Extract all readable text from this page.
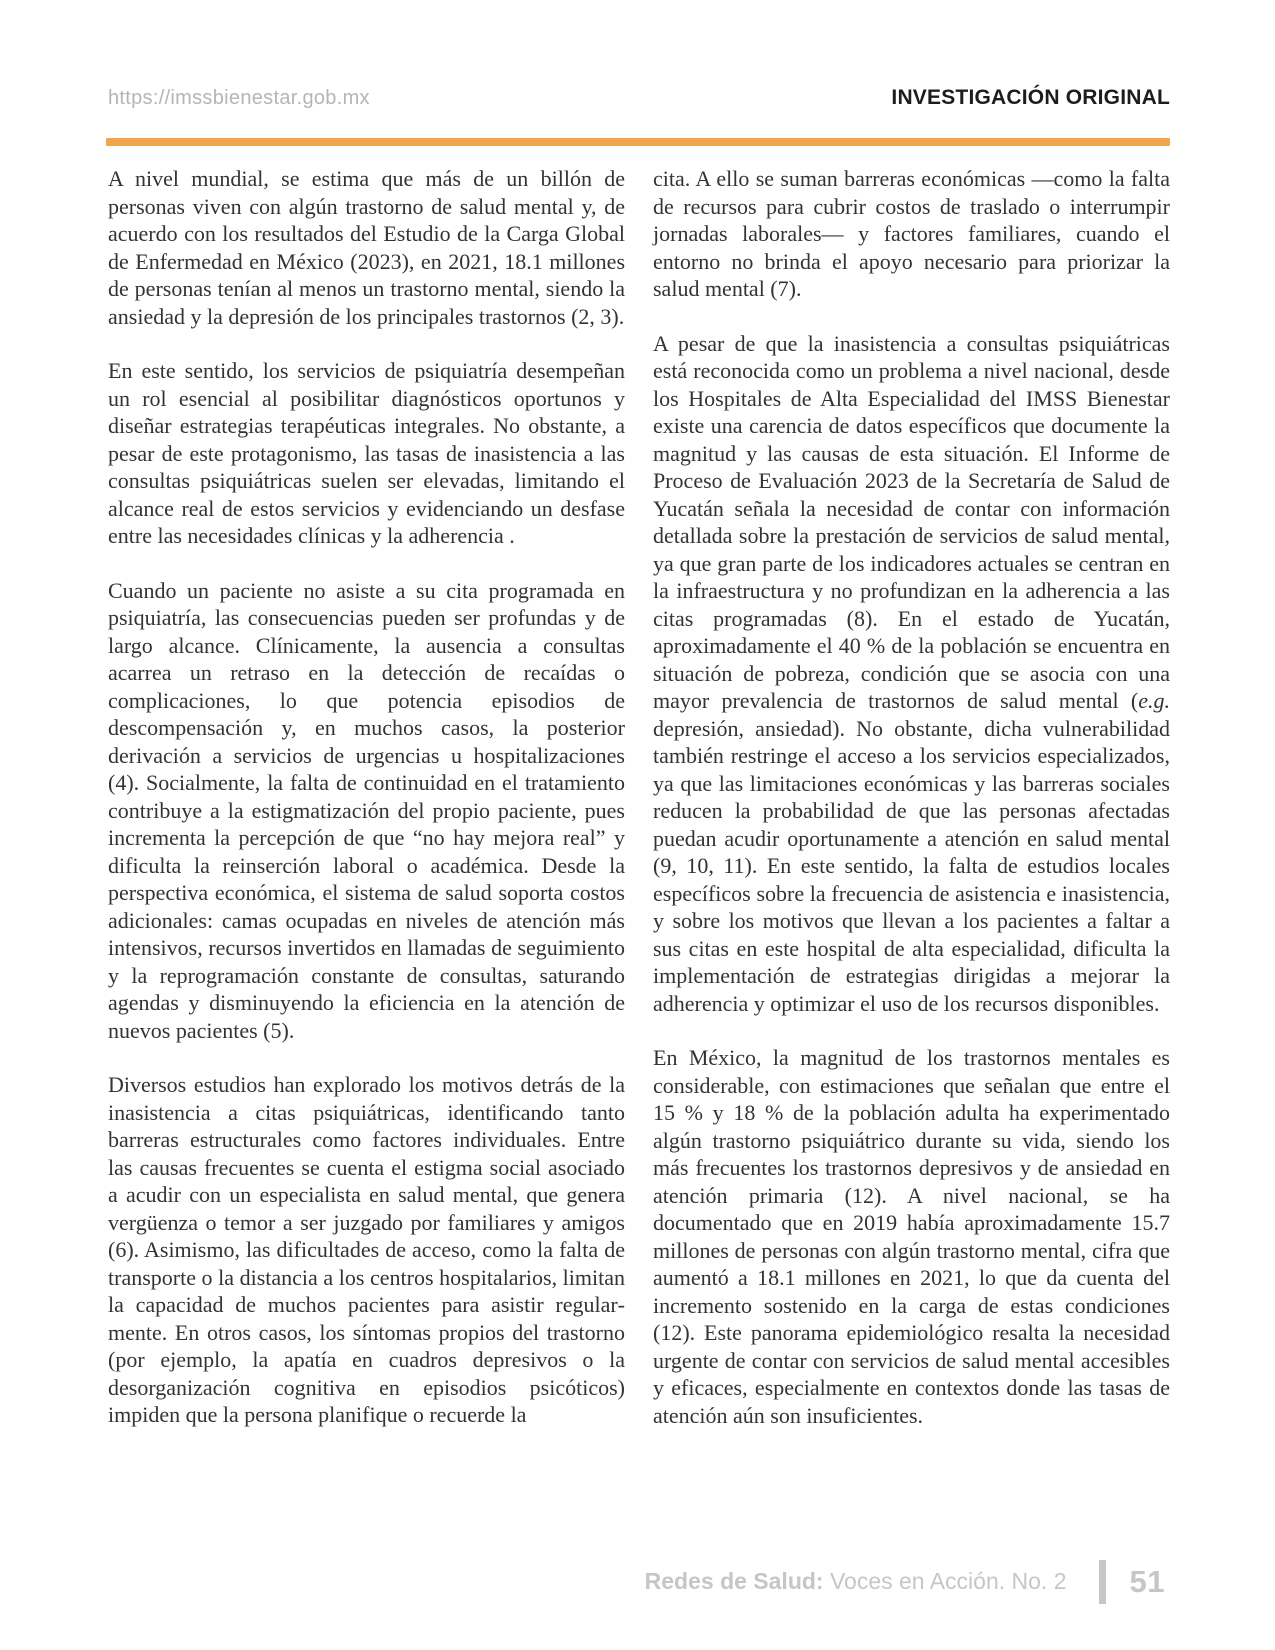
https://imssbienestar.gob.mx	INVESTIGACIÓN ORIGINAL

A nivel mundial, se estima que más de un billón de personas viven con algún trastorno de salud mental y, de acuerdo con los resultados del Estudio de la Carga Global de Enfermedad en México (2023), en 2021, 18.1 millones de personas tenían al menos un trastorno mental, siendo la ansiedad y la depresión de los principales trastornos (2, 3).

En este sentido, los servicios de psiquiatría desempeñan un rol esencial al posibilitar diagnósticos oportunos y diseñar estrategias terapéuticas integrales. No obstante, a pesar de este protagonismo, las tasas de inasistencia a las consultas psiquiátricas suelen ser elevadas, limitando el alcance real de estos servicios y evidenciando un desfase entre las necesidades clínicas y la adherencia .

Cuando un paciente no asiste a su cita programada en psiquiatría, las consecuencias pueden ser profundas y de largo alcance. Clínicamente, la ausencia a consultas acarrea un retraso en la detección de recaídas o complicaciones, lo que potencia episodios de descompensación y, en muchos casos, la posterior derivación a servicios de urgencias u hospitalizaciones (4). Socialmente, la falta de continuidad en el tratamiento contribuye a la estigmatización del propio paciente, pues incrementa la percepción de que “no hay mejora real” y dificulta la reinserción laboral o académica. Desde la perspectiva económica, el sistema de salud soporta costos adicionales: camas ocupadas en niveles de atención más intensivos, recursos invertidos en llamadas de seguimiento y la reprogramación constante de consultas, saturando agendas y disminuyendo la eficiencia en la atención de nuevos pacientes (5).

Diversos estudios han explorado los motivos detrás de la inasistencia a citas psiquiátricas, identificando tanto barreras estructurales como factores individuales. Entre las causas frecuentes se cuenta el estigma social asociado a acudir con un especialista en salud mental, que genera vergüenza o temor a ser juzgado por familiares y amigos (6). Asimismo, las dificultades de acceso, como la falta de transporte o la distancia a los centros hospitalarios, limitan la capacidad de muchos pacientes para asistir regularmente. En otros casos, los síntomas propios del trastorno (por ejemplo, la apatía en cuadros depresivos o la desorganización cognitiva en episodios psicóticos) impiden que la persona planifique o recuerde la

cita. A ello se suman barreras económicas —como la falta de recursos para cubrir costos de traslado o interrumpir jornadas laborales— y factores familiares, cuando el entorno no brinda el apoyo necesario para priorizar la salud mental (7).

A pesar de que la inasistencia a consultas psiquiátricas está reconocida como un problema a nivel nacional, desde los Hospitales de Alta Especialidad del IMSS Bienestar existe una carencia de datos específicos que documente la magnitud y las causas de esta situación. El Informe de Proceso de Evaluación 2023 de la Secretaría de Salud de Yucatán señala la necesidad de contar con información detallada sobre la prestación de servicios de salud mental, ya que gran parte de los indicadores actuales se centran en la infraestructura y no profundizan en la adherencia a las citas programadas (8). En el estado de Yucatán, aproximadamente el 40 % de la población se encuentra en situación de pobreza, condición que se asocia con una mayor prevalencia de trastornos de salud mental (e.g. depresión, ansiedad). No obstante, dicha vulnerabilidad también restringe el acceso a los servicios especializados, ya que las limitaciones económicas y las barreras sociales reducen la probabilidad de que las personas afectadas puedan acudir oportunamente a atención en salud mental (9, 10, 11). En este sentido, la falta de estudios locales específicos sobre la frecuencia de asistencia e inasistencia, y sobre los motivos que llevan a los pacientes a faltar a sus citas en este hospital de alta especialidad, dificulta la implementación de estrategias dirigidas a mejorar la adherencia y optimizar el uso de los recursos disponibles.

En México, la magnitud de los trastornos mentales es considerable, con estimaciones que señalan que entre el 15 % y 18 % de la población adulta ha experimentado algún trastorno psiquiátrico durante su vida, siendo los más frecuentes los trastornos depresivos y de ansiedad en atención primaria (12). A nivel nacional, se ha documentado que en 2019 había aproximadamente 15.7 millones de personas con algún trastorno mental, cifra que aumentó a 18.1 millones en 2021, lo que da cuenta del incremento sostenido en la carga de estas condiciones (12). Este panorama epidemiológico resalta la necesidad urgente de contar con servicios de salud mental accesibles y eficaces, especialmente en contextos donde las tasas de atención aún son insuficientes.

Redes de Salud: Voces en Acción. No. 2
51
